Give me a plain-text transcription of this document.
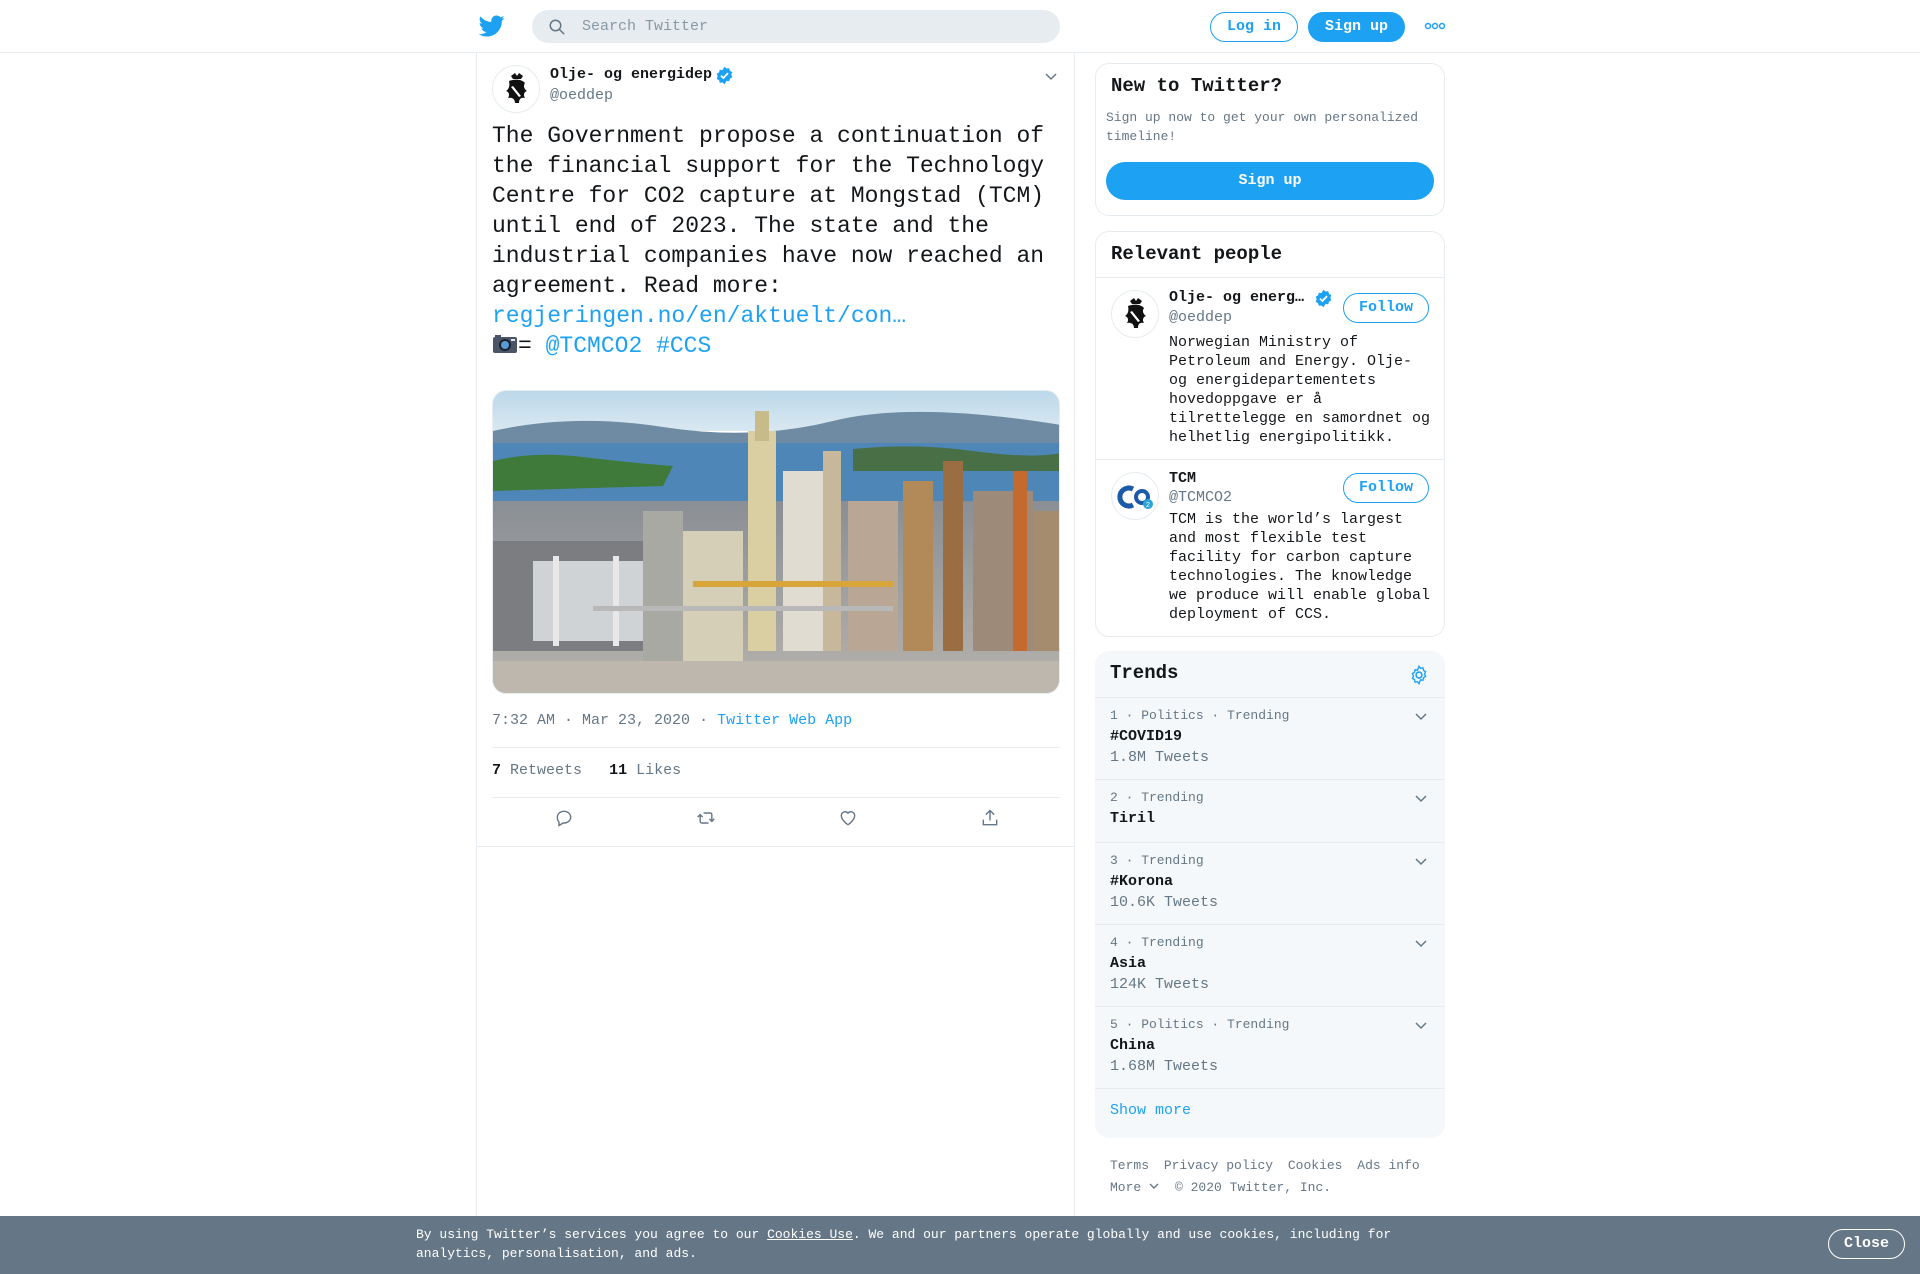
Search Twitter
Log in	Sign up
Olje- og energidep
@oeddep
The Government propose a continuation of the financial support for the Technology Centre for CO2 capture at Mongstad (TCM) until end of 2023. The state and the industrial companies have now reached an agreement. Read more: regjeringen.no/en/aktuelt/con…
= @TCMCO2 #CCS
7:32 AM · Mar 23, 2020 · Twitter Web App
7 Retweets 11 Likes
New to Twitter?
Sign up now to get your own personalized timeline!
Sign up
Relevant people
Olje- og energ…
@oeddep
Follow
Norwegian Ministry of Petroleum and Energy. Olje- og energidepartementets hovedoppgave er å tilrettelegge en samordnet og helhetlig energipolitikk.
2
TCM
@TCMCO2
Follow
TCM is the world’s largest and most flexible test facility for carbon capture technologies. The knowledge we produce will enable global deployment of CCS.
Trends
1 · Politics · Trending
#COVID​19
1.8M Tweets
2 · Trending
Tiril
3 · Trending
#Korona
10.6K Tweets
4 · Trending
Asia
124K Tweets
5 · Politics · Trending
China
1.68M Tweets
Show more
Terms Privacy policy Cookies Ads info
More	© 2020 Twitter, Inc.
By using Twitter’s services you agree to our Cookies Use. We and our partners operate globally and use cookies, including for analytics, personalisation, and ads.
Close
